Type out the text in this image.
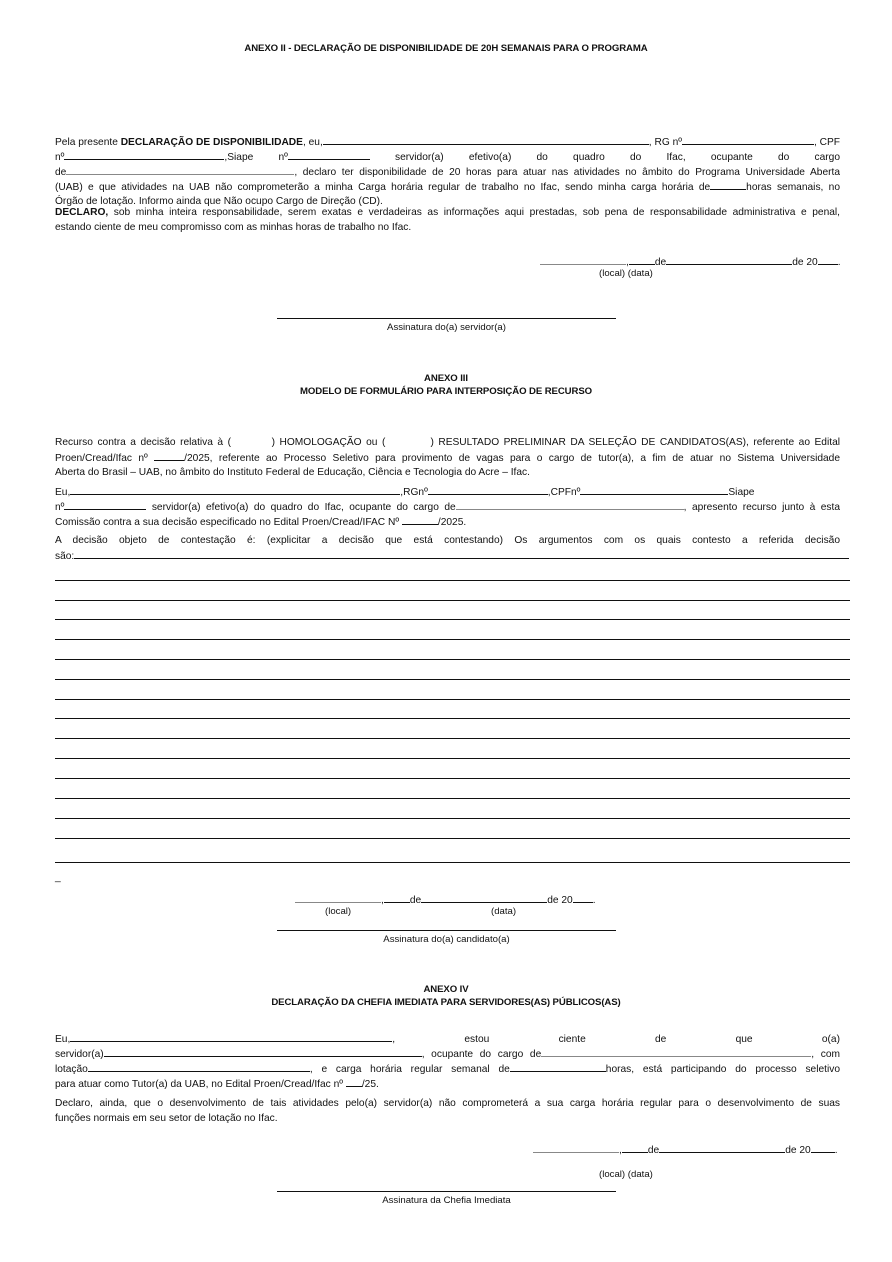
ANEXO II - DECLARAÇÃO DE DISPONIBILIDADE DE 20H SEMANAIS PARA O PROGRAMA
Pela presente DECLARAÇÃO DE DISPONIBILIDADE, eu,	, RG nº	, CPF
nº	,Siape nº	servidor(a) efetivo(a) do quadro do Ifac, ocupante do cargo
de	, declaro ter disponibilidade de 20 horas para atuar nas atividades no âmbito do Programa Universidade Aberta
(UAB) e que atividades na UAB não comprometerão a minha Carga horária regular de trabalho no Ifac, sendo minha carga horária de	horas semanais, no
Órgão de lotação. Informo ainda que Não ocupo Cargo de Direção (CD).
DECLARO, sob minha inteira responsabilidade, serem exatas e verdadeiras as informações aqui prestadas, sob pena de responsabilidade administrativa e penal,
estando ciente de meu compromisso com as minhas horas de trabalho no Ifac.
,	de	de 20 .
(local) (data)
Assinatura do(a) servidor(a)
ANEXO III
MODELO DE FORMULÁRIO PARA INTERPOSIÇÃO DE RECURSO
Recurso contra a decisão relativa à (         ) HOMOLOGAÇÃO ou (          ) RESULTADO PRELIMINAR DA SELEÇÃO DE CANDIDATOS(AS), referente ao Edital
Proen/Cread/Ifac nº	/2025, referente ao Processo Seletivo para provimento de vagas para o cargo de tutor(a), a fim de atuar no Sistema Universidade
Aberta do Brasil – UAB, no âmbito do Instituto Federal de Educação, Ciência e Tecnologia do Acre – Ifac.
Eu,	,RGnº	,CPFnº	Siape
nº	servidor(a) efetivo(a) do quadro do Ifac, ocupante do cargo de	, apresento recurso junto à esta
Comissão contra a sua decisão especificado no Edital Proen/Cread/IFAC Nº	/2025.
A decisão objeto de contestação é: (explicitar a decisão que está contestando) Os argumentos com os quais contesto a referida decisão
são:
_
,	de	de 20 .
(local)	(data)
Assinatura do(a) candidato(a)
ANEXO IV
DECLARAÇÃO DA CHEFIA IMEDIATA PARA SERVIDORES(AS) PÚBLICOS(AS)
Eu,	,	estou	ciente	de	que	o(a)
servidor(a)	, ocupante do cargo de	, com
lotação	, e carga horária regular semanal de	horas, está participando do processo seletivo
para atuar como Tutor(a) da UAB, no Edital Proen/Cread/Ifac nº /25.
Declaro, ainda, que o desenvolvimento de tais atividades pelo(a) servidor(a) não comprometerá a sua carga horária regular para o desenvolvimento de suas
funções normais em seu setor de lotação no Ifac.
,	de	de 20 .
(local) (data)
Assinatura da Chefia Imediata
